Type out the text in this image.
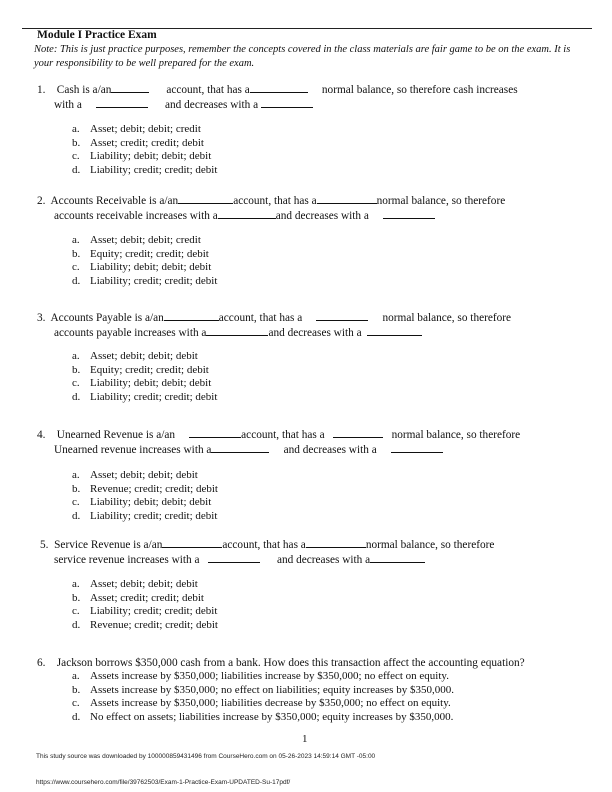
Module I Practice Exam
Note: This is just practice purposes, remember the concepts covered in the class materials are fair game to be on the exam. It is your responsibility to be well prepared for the exam.
1. Cash is a/an	account, that has a	normal balance, so therefore cash increases
with a	and decreases with a
a. Asset; debit; debit; credit
b. Asset; credit; credit; debit
c. Liability; debit; debit; debit
d. Liability; credit; credit; debit
2. Accounts Receivable is a/an	account, that has a	normal balance, so therefore
accounts receivable increases with a	and decreases with a
a. Asset; debit; debit; credit
b. Equity; credit; credit; debit
c. Liability; debit; debit; debit
d. Liability; credit; credit; debit
3. Accounts Payable is a/an	account, that has a	normal balance, so therefore
accounts payable increases with a	and decreases with a
a. Asset; debit; debit; debit
b. Equity; credit; credit; debit
c. Liability; debit; debit; debit
d. Liability; credit; credit; debit
4. Unearned Revenue is a/an	account, that has a	normal balance, so therefore
Unearned revenue increases with a	and decreases with a
a. Asset; debit; debit; debit
b. Revenue; credit; credit; debit
c. Liability; debit; debit; debit
d. Liability; credit; credit; debit
5. Service Revenue is a/an	account, that has a	normal balance, so therefore
service revenue increases with a	and decreases with a
a. Asset; debit; debit; debit
b. Asset; credit; credit; debit
c. Liability; credit; credit; debit
d. Revenue; credit; credit; debit
6. Jackson borrows $350,000 cash from a bank. How does this transaction affect the accounting equation?
a. Assets increase by $350,000; liabilities increase by $350,000; no effect on equity.
b. Assets increase by $350,000; no effect on liabilities; equity increases by $350,000.
c. Assets increase by $350,000; liabilities decrease by $350,000; no effect on equity.
d. No effect on assets; liabilities increase by $350,000; equity increases by $350,000.
1
This study source was downloaded by 100000859431496 from CourseHero.com on 05-26-2023 14:59:14 GMT -05:00
https://www.coursehero.com/file/39762503/Exam-1-Practice-Exam-UPDATED-Su-17pdf/
